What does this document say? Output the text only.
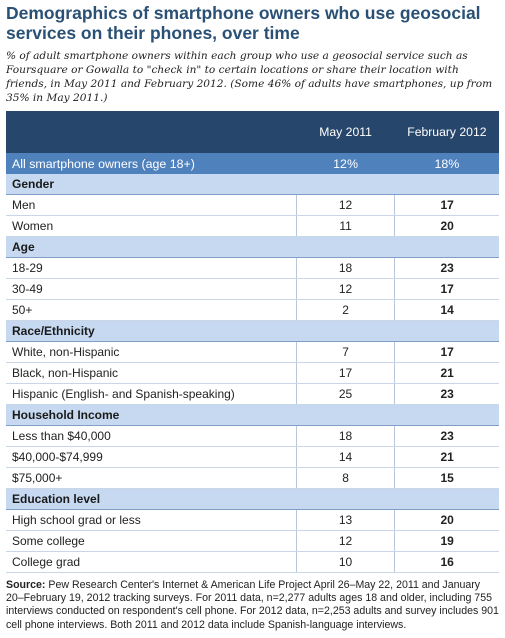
Demographics of smartphone owners who use geosocial services on their phones, over time

% of adult smartphone owners within each group who use a geosocial service such as Foursquare or Gowalla to "check in" to certain locations or share their location with friends, in May 2011 and February 2012. (Some 46% of adults have smartphones, up from 35% in May 2011.)

	May 2011	February 2012
All smartphone owners (age 18+)	12%	18%
Gender		
Men	12	17
Women	11	20
Age		
18-29	18	23
30-49	12	17
50+	2	14
Race/Ethnicity		
White, non-Hispanic	7	17
Black, non-Hispanic	17	21
Hispanic (English- and Spanish-speaking)	25	23
Household Income		
Less than $40,000	18	23
$40,000-$74,999	14	21
$75,000+	8	15
Education level		
High school grad or less	13	20
Some college	12	19
College grad	10	16
Source: Pew Research Center's Internet & American Life Project April 26–May 22, 2011 and January 20–February 19, 2012 tracking surveys. For 2011 data, n=2,277 adults ages 18 and older, including 755 interviews conducted on respondent's cell phone. For 2012 data, n=2,253 adults and survey includes 901 cell phone interviews. Both 2011 and 2012 data include Spanish-language interviews.
